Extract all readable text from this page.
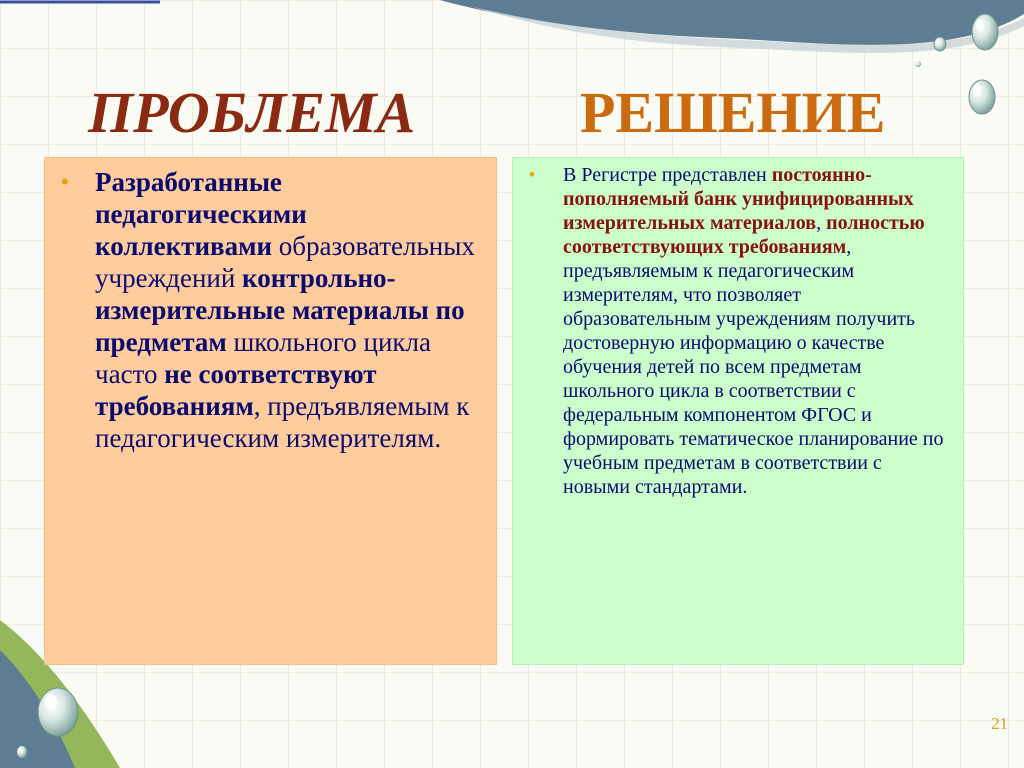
ПРОБЛЕМА	РЕШЕНИЕ
• Разработанные педагогическими коллективами образовательных учреждений контрольно-измерительные материалы по предметам школьного цикла часто не соответствуют требованиям, предъявляемым к педагогическим измерителям.
• В Регистре представлен постоянно-пополняемый банк унифицированных измерительных материалов, полностью соответствующих требованиям, предъявляемым к педагогическим измерителям, что позволяет образовательным учреждениям получить достоверную информацию о качестве обучения детей по всем предметам школьного цикла в соответствии с федеральным компонентом ФГОС и формировать тематическое планирование по учебным предметам в соответствии с новыми стандартами.
21
